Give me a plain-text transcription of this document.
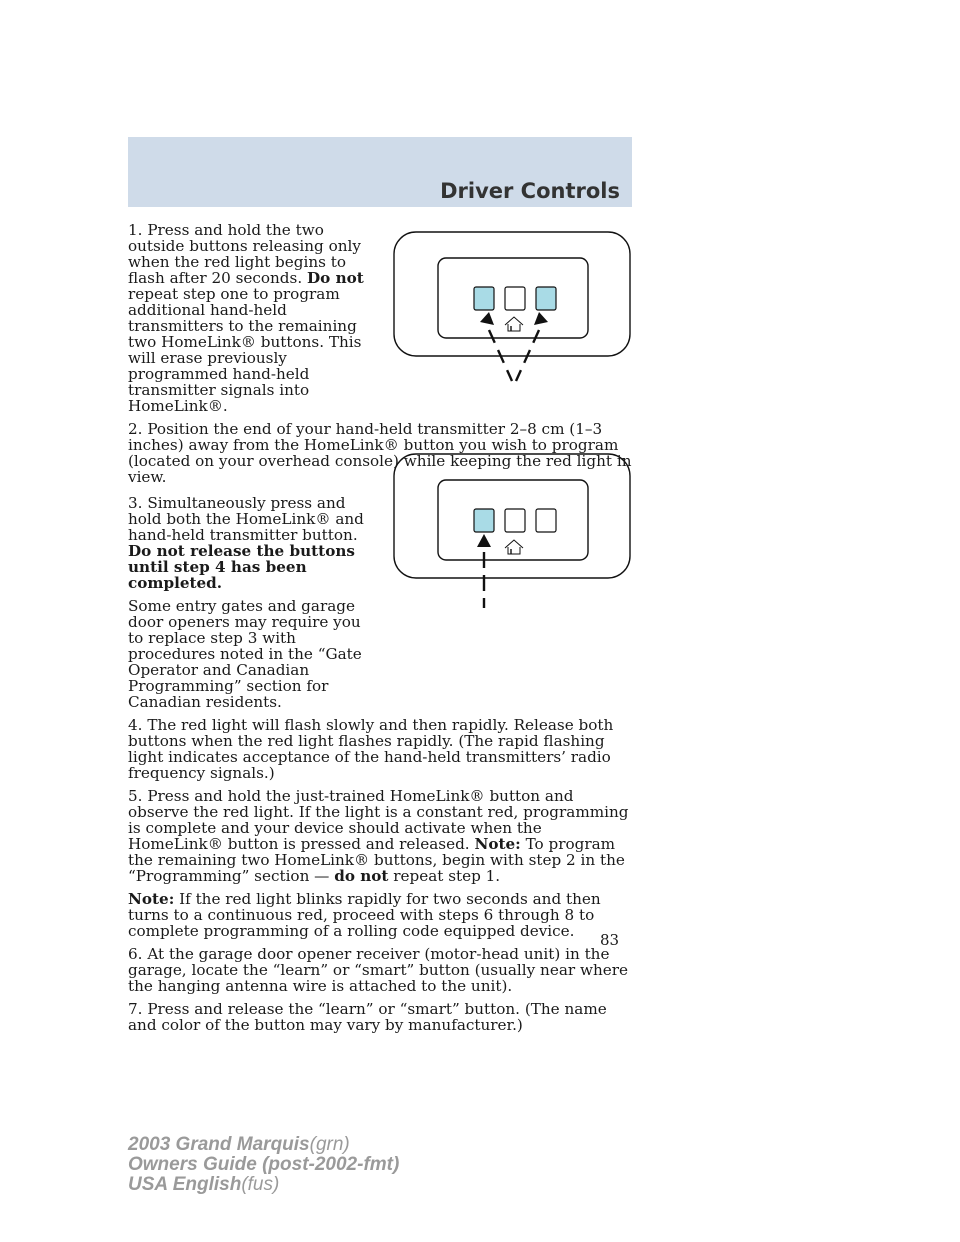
Driver Controls

1. Press and hold the two outside buttons releasing only when the red light begins to flash after 20 seconds. Do not repeat step one to program additional hand-held transmitters to the remaining two HomeLink® buttons. This will erase previously programmed hand-held transmitter signals into HomeLink®.

2. Position the end of your hand-held transmitter 2–8 cm (1–3 inches) away from the HomeLink® button you wish to program (located on your overhead console) while keeping the red light in view.

3. Simultaneously press and hold both the HomeLink® and hand-held transmitter button. Do not release the buttons until step 4 has been completed.

Some entry gates and garage door openers may require you to replace step 3 with procedures noted in the “Gate Operator and Canadian Programming” section for Canadian residents.

4. The red light will flash slowly and then rapidly. Release both buttons when the red light flashes rapidly. (The rapid flashing light indicates acceptance of the hand-held transmitters’ radio frequency signals.)

5. Press and hold the just-trained HomeLink® button and observe the red light. If the light is a constant red, programming is complete and your device should activate when the HomeLink® button is pressed and released. Note: To program the remaining two HomeLink® buttons, begin with step 2 in the “Programming” section — do not repeat step 1.

Note: If the red light blinks rapidly for two seconds and then turns to a continuous red, proceed with steps 6 through 8 to complete programming of a rolling code equipped device.

6. At the garage door opener receiver (motor-head unit) in the garage, locate the “learn” or “smart” button (usually near where the hanging antenna wire is attached to the unit).

7. Press and release the “learn” or “smart” button. (The name and color of the button may vary by manufacturer.)

83
2003 Grand Marquis(grn)
Owners Guide (post-2002-fmt)
USA English(fus)
